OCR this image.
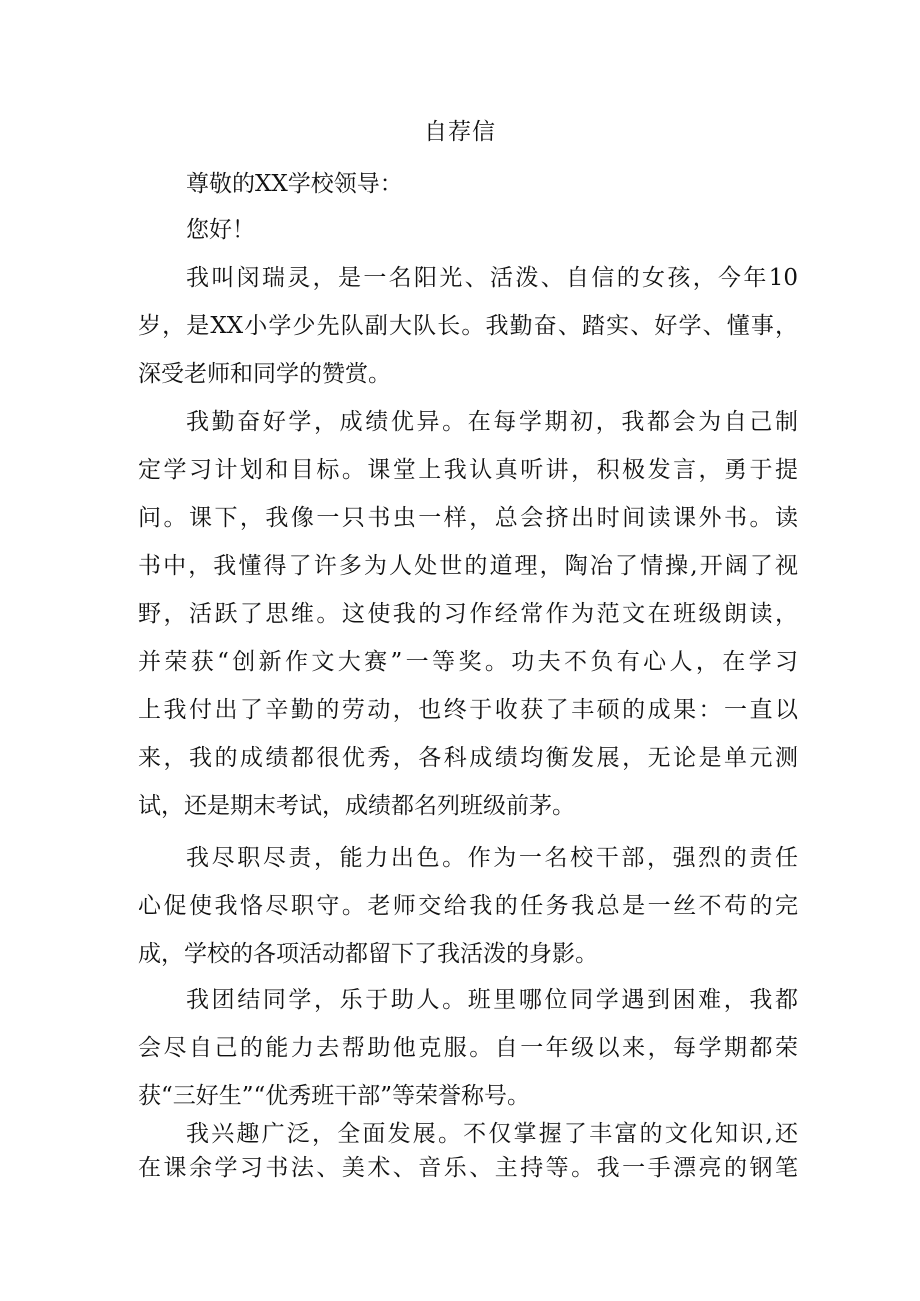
自荐信
尊敬的XX学校领导：
您好！
我叫闵瑞灵，是一名阳光、活泼、自信的女孩，今年10
岁，是XX小学少先队副大队长。我勤奋、踏实、好学、懂事，
深受老师和同学的赞赏。
我勤奋好学，成绩优异。在每学期初，我都会为自己制
定学习计划和目标。课堂上我认真听讲，积极发言，勇于提
问。课下，我像一只书虫一样，总会挤出时间读课外书。读
书中，我懂得了许多为人处世的道理，陶冶了情操,开阔了视
野，活跃了思维。这使我的习作经常作为范文在班级朗读，
并荣获“创新作文大赛”一等奖。功夫不负有心人，在学习
上我付出了辛勤的劳动，也终于收获了丰硕的成果：一直以
来，我的成绩都很优秀，各科成绩均衡发展，无论是单元测
试，还是期末考试，成绩都名列班级前茅。
我尽职尽责，能力出色。作为一名校干部，强烈的责任
心促使我恪尽职守。老师交给我的任务我总是一丝不苟的完
成，学校的各项活动都留下了我活泼的身影。
我团结同学，乐于助人。班里哪位同学遇到困难，我都
会尽自己的能力去帮助他克服。自一年级以来，每学期都荣
获“三好生”“优秀班干部”等荣誉称号。
我兴趣广泛，全面发展。不仅掌握了丰富的文化知识,还
在课余学习书法、美术、音乐、主持等。我一手漂亮的钢笔
